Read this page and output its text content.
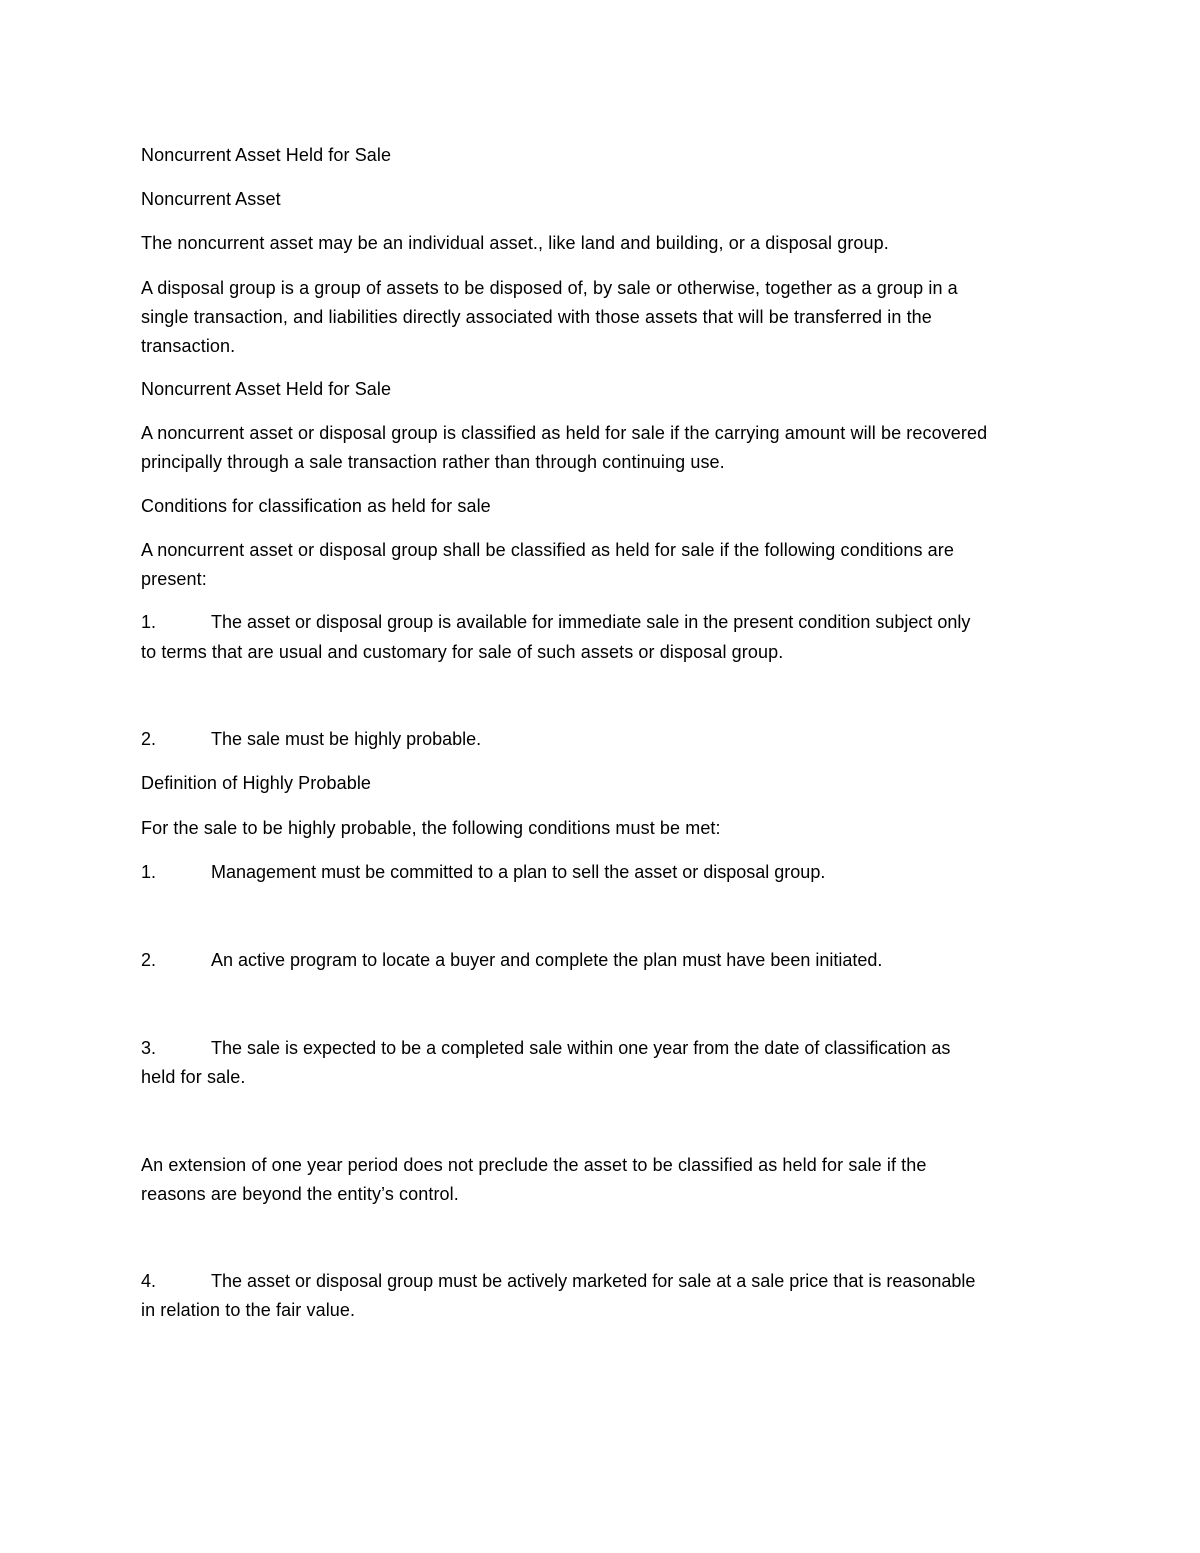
Noncurrent Asset Held for Sale

Noncurrent Asset

The noncurrent asset may be an individual asset., like land and building, or a disposal group.

A disposal group is a group of assets to be disposed of, by sale or otherwise, together as a group in a

single transaction, and liabilities directly associated with those assets that will be transferred in the

transaction.

Noncurrent Asset Held for Sale

A noncurrent asset or disposal group is classified as held for sale if the carrying amount will be recovered

principally through a sale transaction rather than through continuing use.

Conditions for classification as held for sale

A noncurrent asset or disposal group shall be classified as held for sale if the following conditions are

present:

1.	The asset or disposal group is available for immediate sale in the present condition subject only

to terms that are usual and customary for sale of such assets or disposal group.

2.	The sale must be highly probable.

Definition of Highly Probable

For the sale to be highly probable, the following conditions must be met:

1.	Management must be committed to a plan to sell the asset or disposal group.

2.	An active program to locate a buyer and complete the plan must have been initiated.

3.	The sale is expected to be a completed sale within one year from the date of classification as

held for sale.

An extension of one year period does not preclude the asset to be classified as held for sale if the

reasons are beyond the entity’s control.

4.	The asset or disposal group must be actively marketed for sale at a sale price that is reasonable

in relation to the fair value.
